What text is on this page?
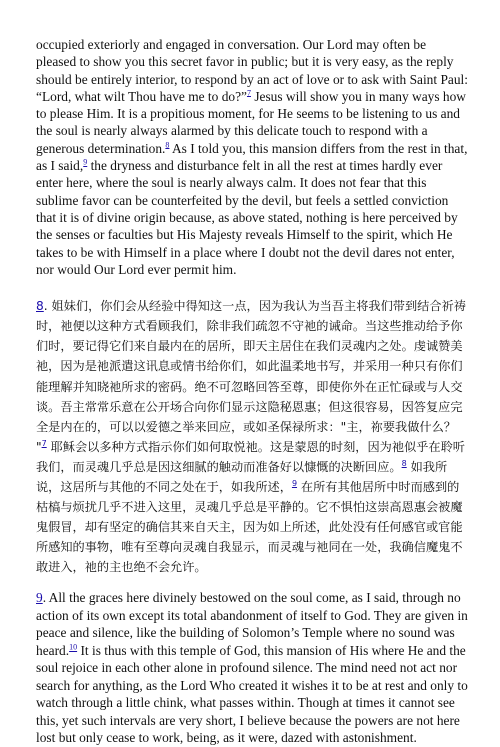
occupied exteriorly and engaged in conversation. Our Lord may often be pleased to show you this secret favor in public; but it is very easy, as the reply should be entirely interior, to respond by an act of love or to ask with Saint Paul: “Lord, what wilt Thou have me to do?”$^7$ Jesus will show you in many ways how to please Him. It is a propitious moment, for He seems to be listening to us and the soul is nearly always alarmed by this delicate touch to respond with a generous determination.$^8$ As I told you, this mansion differs from the rest in that, as I said,$^9$ the dryness and disturbance felt in all the rest at times hardly ever enter here, where the soul is nearly always calm. It does not fear that this sublime favor can be counterfeited by the devil, but feels a settled conviction that it is of divine origin because, as above stated, nothing is here perceived by the senses or faculties but His Majesty reveals Himself to the spirit, which He takes to be with Himself in a place where I doubt not the devil dares not enter, nor would Our Lord ever permit him.

8. 姐妹们，你们会从经验中得知这一点，因为我认为当吾主将我们带到结合祈祷时，祂便以这种方式看顾我们，除非我们疏忽不守祂的诫命。当这些推动给予你们时，要记得它们来自最内在的居所，即天主居住在我们灵魂内之处。虔诚赞美祂，因为是祂派遣这讯息或情书给你们，如此温柔地书写，并采用一种只有你们能理解并知晓祂所求的密码。绝不可忽略回答至尊，即使你外在正忙碌或与人交谈。吾主常常乐意在公开场合向你们显示这隐秘恩惠；但这很容易，因答复应完全是内在的，可以以爱德之举来回应，或如圣保禄所求："主，祢要我做什么？ "$^7$ 耶稣会以多种方式指示你们如何取悦祂。这是蒙恩的时刻，因为祂似乎在聆听我们，而灵魂几乎总是因这细腻的触动而准备好以慷慨的决断回应。$^8$ 如我所说，这居所与其他的不同之处在于，如我所述，$^9$ 在所有其他居所中时而感到的枯槁与烦扰几乎不进入这里，灵魂几乎总是平静的。它不惧怕这崇高恩惠会被魔鬼假冒，却有坚定的确信其来自天主，因为如上所述，此处没有任何感官或官能所感知的事物，唯有至尊向灵魂自我显示，而灵魂与祂同在一处，我确信魔鬼不敢进入，祂的主也绝不会允许。

9. All the graces here divinely bestowed on the soul come, as I said, through no action of its own except its total abandonment of itself to God. They are given in peace and silence, like the building of Solomon’s Temple where no sound was heard.$^{10}$ It is thus with this temple of God, this mansion of His where He and the soul rejoice in each other alone in profound silence. The mind need not act nor search for anything, as the Lord Who created it wishes it to be at rest and only to watch through a little chink, what passes within. Though at times it cannot see this, yet such intervals are very short, I believe because the powers are not here lost but only cease to work, being, as it were, dazed with astonishment.
